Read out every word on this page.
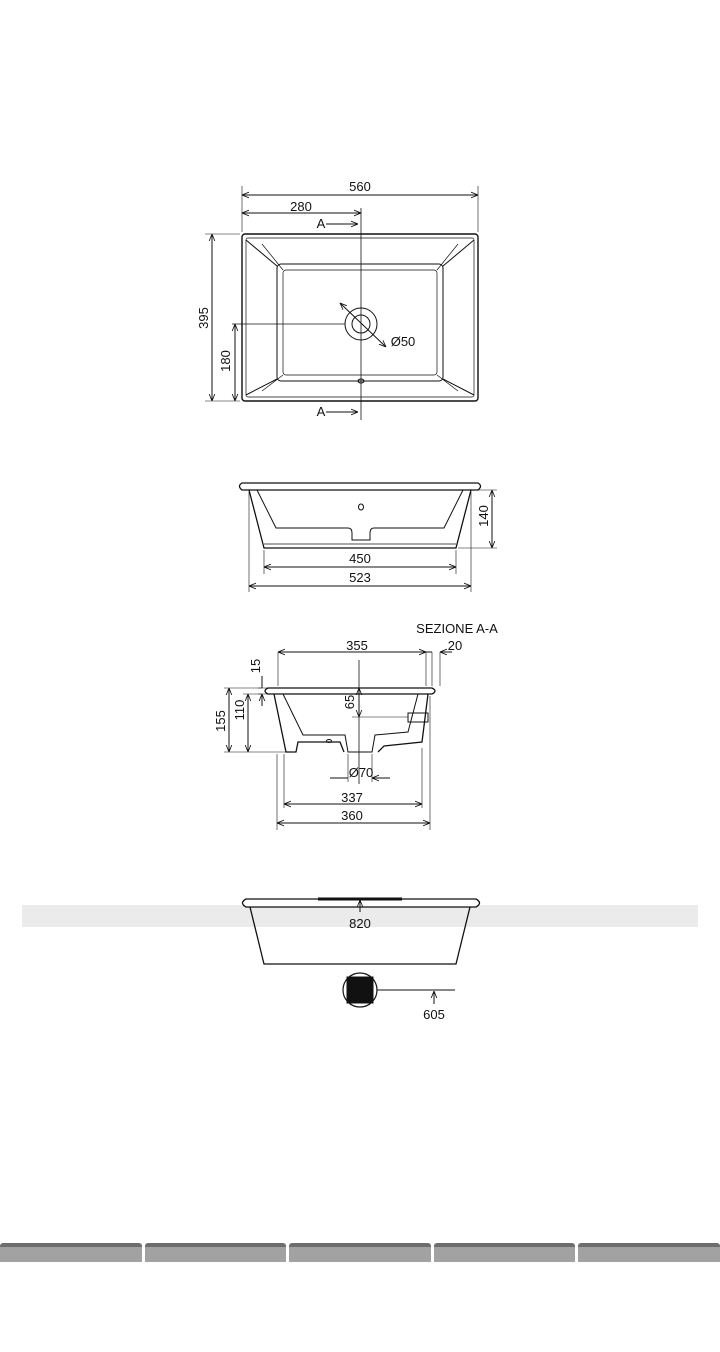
560
280
A
A
395
180
Ø50
140
450
523
SEZIONE A-A
355	20
15
110
155
65
Ø70
337
360
820
605
